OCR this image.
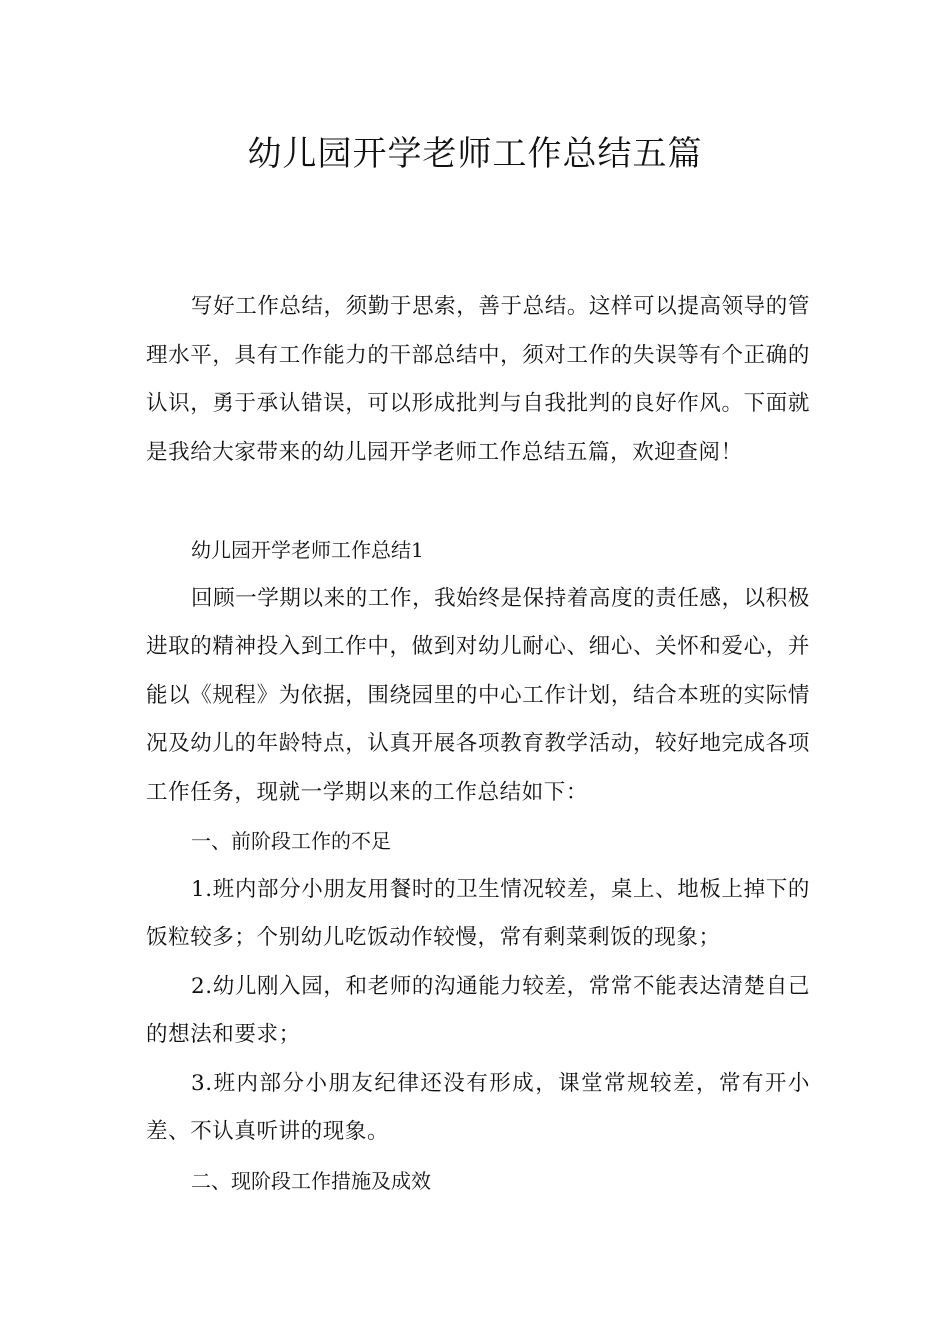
幼儿园开学老师工作总结五篇

写好工作总结，须勤于思索，善于总结。这样可以提高领导的管理水平，具有工作能力的干部总结中，须对工作的失误等有个正确的认识，勇于承认错误，可以形成批判与自我批判的良好作风。下面就是我给大家带来的幼儿园开学老师工作总结五篇，欢迎查阅！

幼儿园开学老师工作总结1

回顾一学期以来的工作，我始终是保持着高度的责任感，以积极进取的精神投入到工作中，做到对幼儿耐心、细心、关怀和爱心，并能以《规程》为依据，围绕园里的中心工作计划，结合本班的实际情况及幼儿的年龄特点，认真开展各项教育教学活动，较好地完成各项工作任务，现就一学期以来的工作总结如下：

一、前阶段工作的不足

1.班内部分小朋友用餐时的卫生情况较差，桌上、地板上掉下的饭粒较多；个别幼儿吃饭动作较慢，常有剩菜剩饭的现象；

2.幼儿刚入园，和老师的沟通能力较差，常常不能表达清楚自己的想法和要求；

3.班内部分小朋友纪律还没有形成，课堂常规较差，常有开小差、不认真听讲的现象。

二、现阶段工作措施及成效
